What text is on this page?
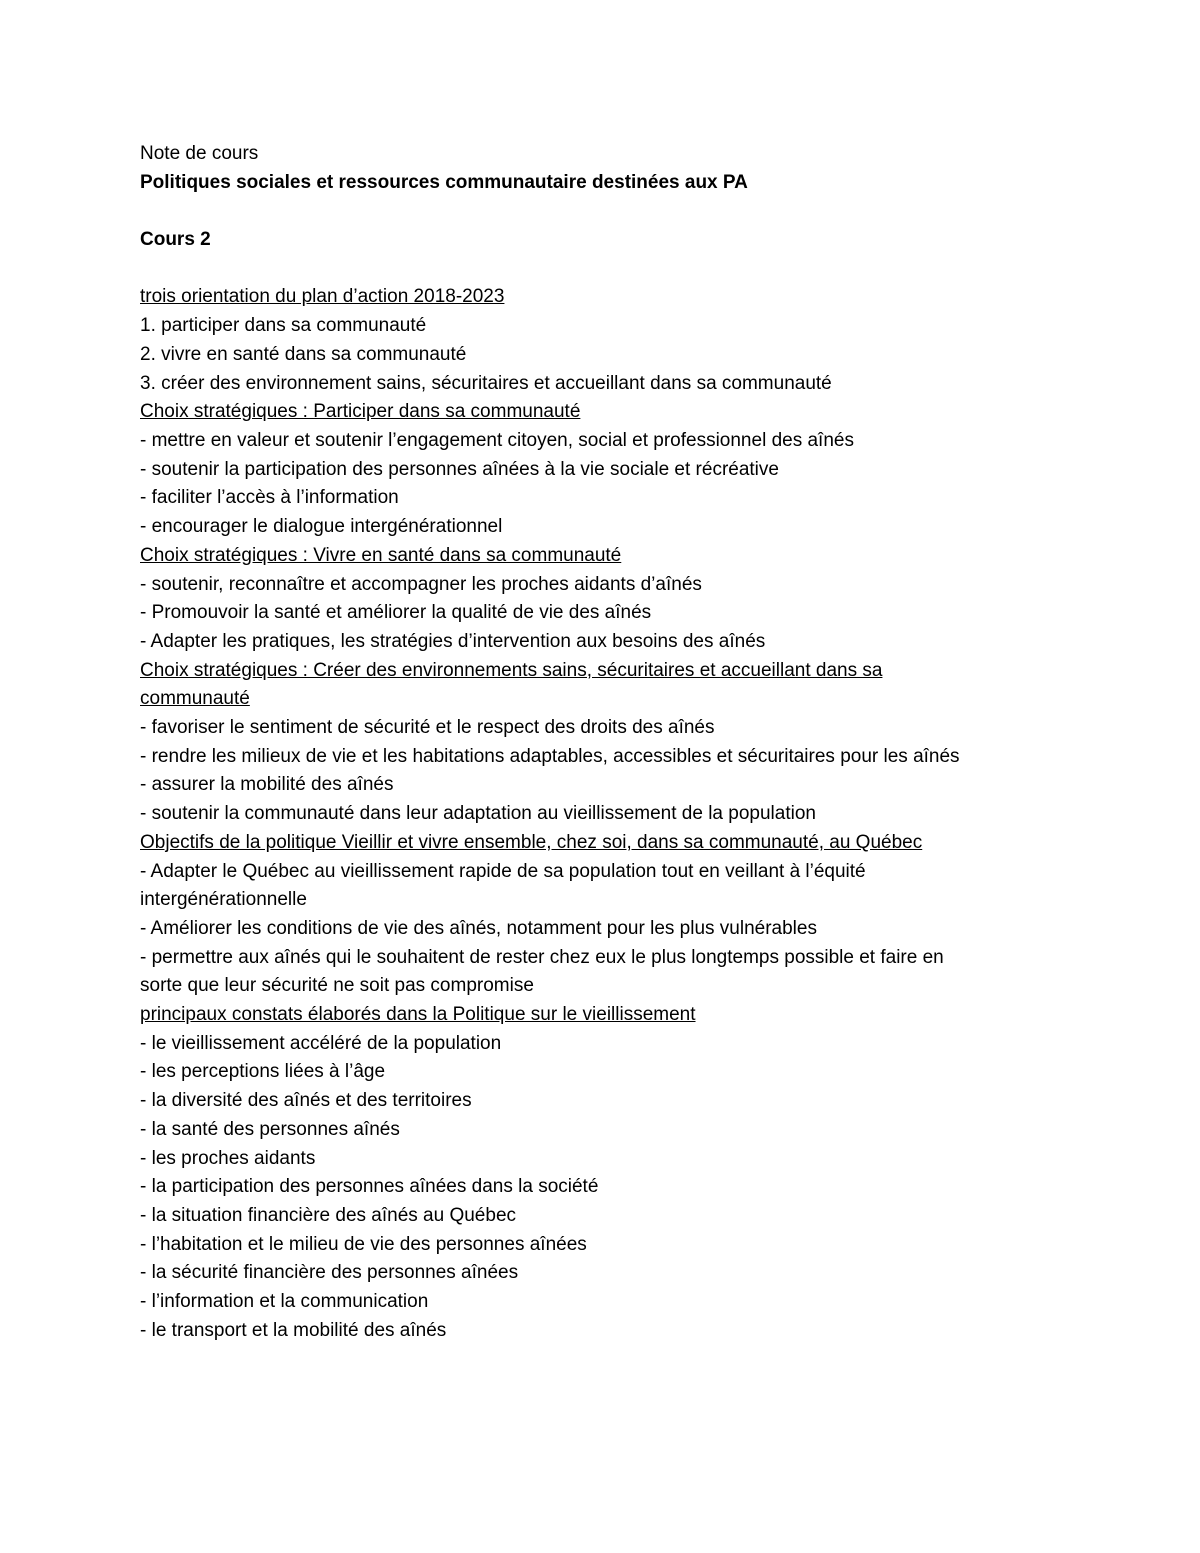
Note de cours
Politiques sociales et ressources communautaire destinées aux PA
Cours 2
trois orientation du plan d’action 2018-2023
1. participer dans sa communauté
2. vivre en santé dans sa communauté
3. créer des environnement sains, sécuritaires et accueillant dans sa communauté
Choix stratégiques : Participer dans sa communauté
- mettre en valeur et soutenir l’engagement citoyen, social et professionnel des aînés
- soutenir la participation des personnes aînées à la vie sociale et récréative
- faciliter l’accès à l’information
- encourager le dialogue intergénérationnel
Choix stratégiques : Vivre en santé dans sa communauté
- soutenir, reconnaître et accompagner les proches aidants d’aînés
- Promouvoir la santé et améliorer la qualité de vie des aînés
- Adapter les pratiques, les stratégies d’intervention aux besoins des aînés
Choix stratégiques : Créer des environnements sains, sécuritaires et accueillant dans sa
communauté
- favoriser le sentiment de sécurité et le respect des droits des aînés
- rendre les milieux de vie et les habitations adaptables, accessibles et sécuritaires pour les aînés
- assurer la mobilité des aînés
- soutenir la communauté dans leur adaptation au vieillissement de la population
Objectifs de la politique Vieillir et vivre ensemble, chez soi, dans sa communauté, au Québec
- Adapter le Québec au vieillissement rapide de sa population tout en veillant à l’équité
intergénérationnelle
- Améliorer les conditions de vie des aînés, notamment pour les plus vulnérables
- permettre aux aînés qui le souhaitent de rester chez eux le plus longtemps possible et faire en
sorte que leur sécurité ne soit pas compromise
principaux constats élaborés dans la Politique sur le vieillissement
- le vieillissement accéléré de la population
- les perceptions liées à l’âge
- la diversité des aînés et des territoires
- la santé des personnes aînés
- les proches aidants
- la participation des personnes aînées dans la société
- la situation financière des aînés au Québec
- l’habitation et le milieu de vie des personnes aînées
- la sécurité financière des personnes aînées
- l’information et la communication
- le transport et la mobilité des aînés
